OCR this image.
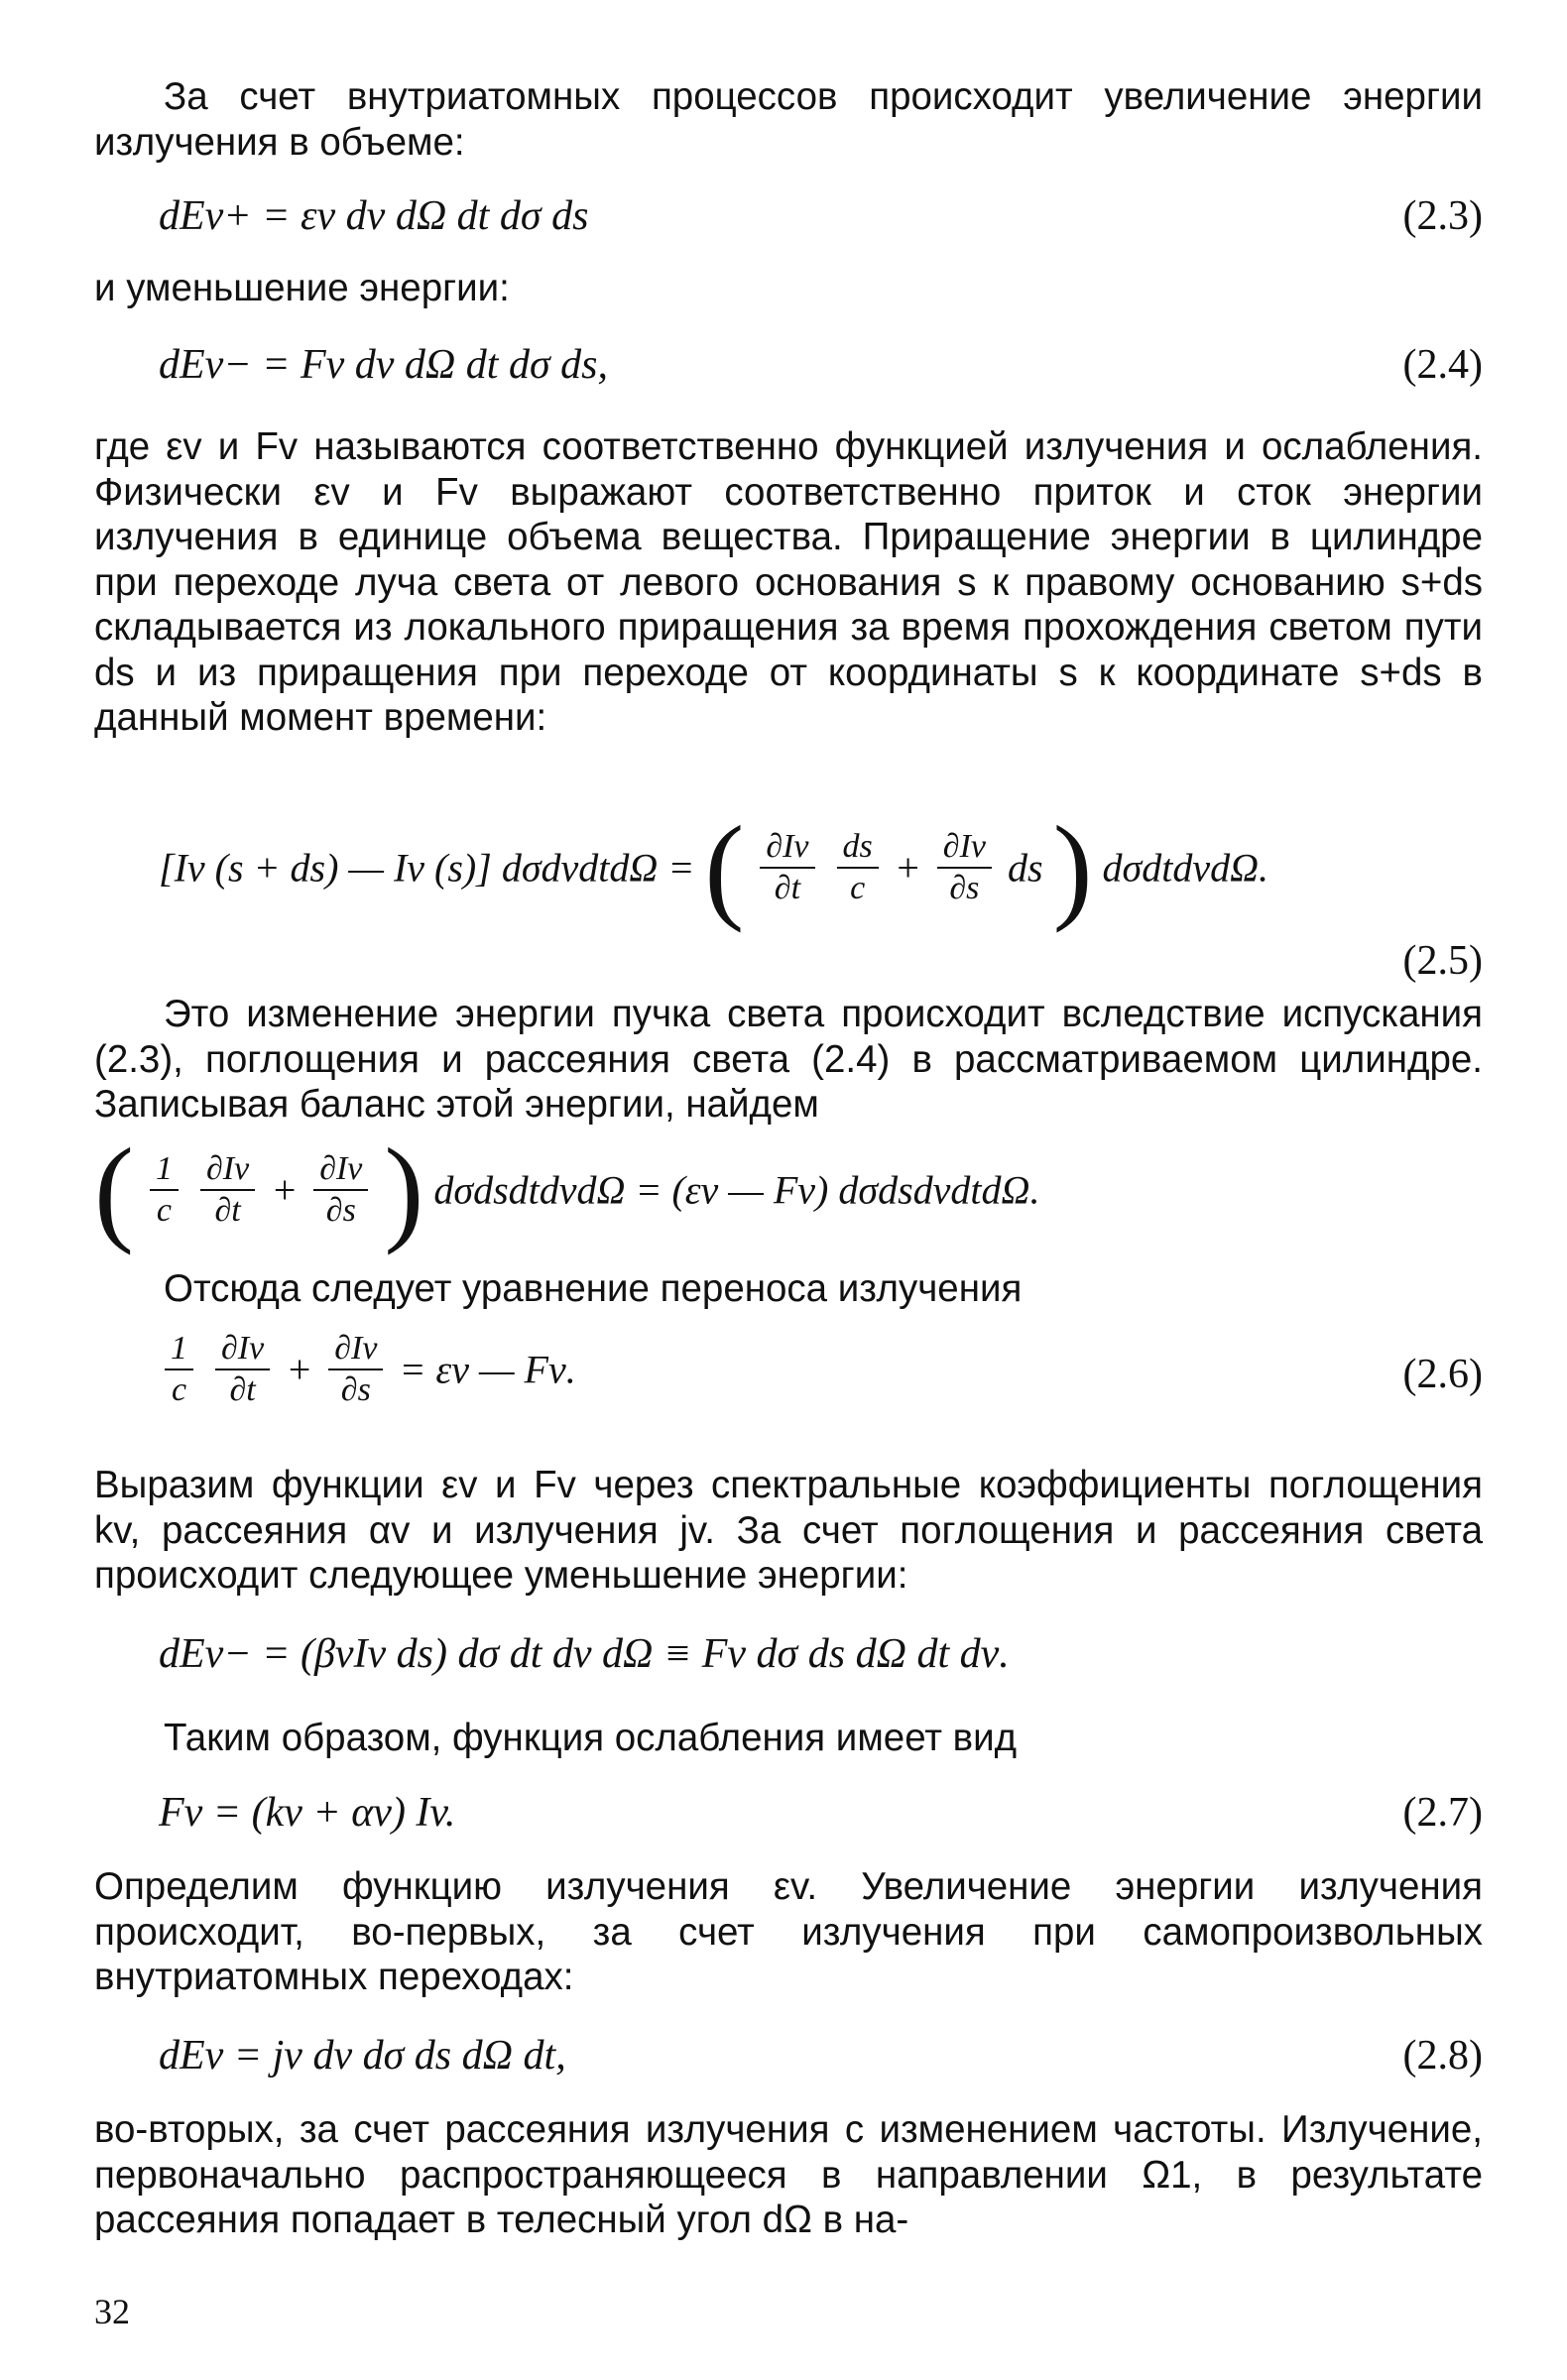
За счет внутриатомных процессов происходит увеличение энергии излучения в объеме:
dEv+ = εv dν dΩ dt dσ ds	(2.3)
и уменьшение энергии:
dEv− = Fv dν dΩ dt dσ ds,	(2.4)
где εv и Fv называются соответственно функцией излучения и ослабления. Физически εv и Fv выражают соответственно приток и сток энергии излучения в единице объема вещества. Приращение энергии в цилиндре при переходе луча света от левого основания s к правому основанию s+ds складывается из локального приращения за время прохождения светом пути ds и из приращения при переходе от координаты s к координате s+ds в данный момент времени:
[Iν (s + ds) — Iν (s)] dσdνdtdΩ = ( $\frac{\partial I\nu}{\partial t}$
$\frac{ds}{c} + \frac{\partial I\nu}{\partial s}$ ds ) dσdtdνdΩ.
(2.5)
Это изменение энергии пучка света происходит вследствие испускания (2.3), поглощения и рассеяния света (2.4) в рассматриваемом цилиндре. Записывая баланс этой энергии, найдем
( $\frac{1}{c}$
$\frac{\partial I\nu}{\partial t} + \frac{\partial I\nu}{\partial s}$ ) dσdsdtdνdΩ = (εν — Fν) dσdsdνdtdΩ.
Отсюда следует уравнение переноса излучения
$\frac{1}{c}$
$\frac{\partial I\nu}{\partial t} + \frac{\partial I\nu}{\partial s} = \varepsilon\nu$ — Fν.	(2.6)
Выразим функции εv и Fv через спектральные коэффициенты поглощения kv, рассеяния αv и излучения jv. За счет поглощения и рассеяния света происходит следующее уменьшение энергии:
dEv− = (βvIv ds) dσ dt dν dΩ ≡ Fv dσ ds dΩ dt dν.
Таким образом, функция ослабления имеет вид
Fv = (kv + αv) Iv.	(2.7)
Определим функцию излучения εv. Увеличение энергии излучения происходит, во-первых, за счет излучения при самопроизвольных внутриатомных переходах:
dEv = jv dν dσ ds dΩ dt,	(2.8)
во-вторых, за счет рассеяния излучения с изменением частоты. Излучение, первоначально распространяющееся в направлении Ω1, в результате рассеяния попадает в телесный угол dΩ в на-
32
